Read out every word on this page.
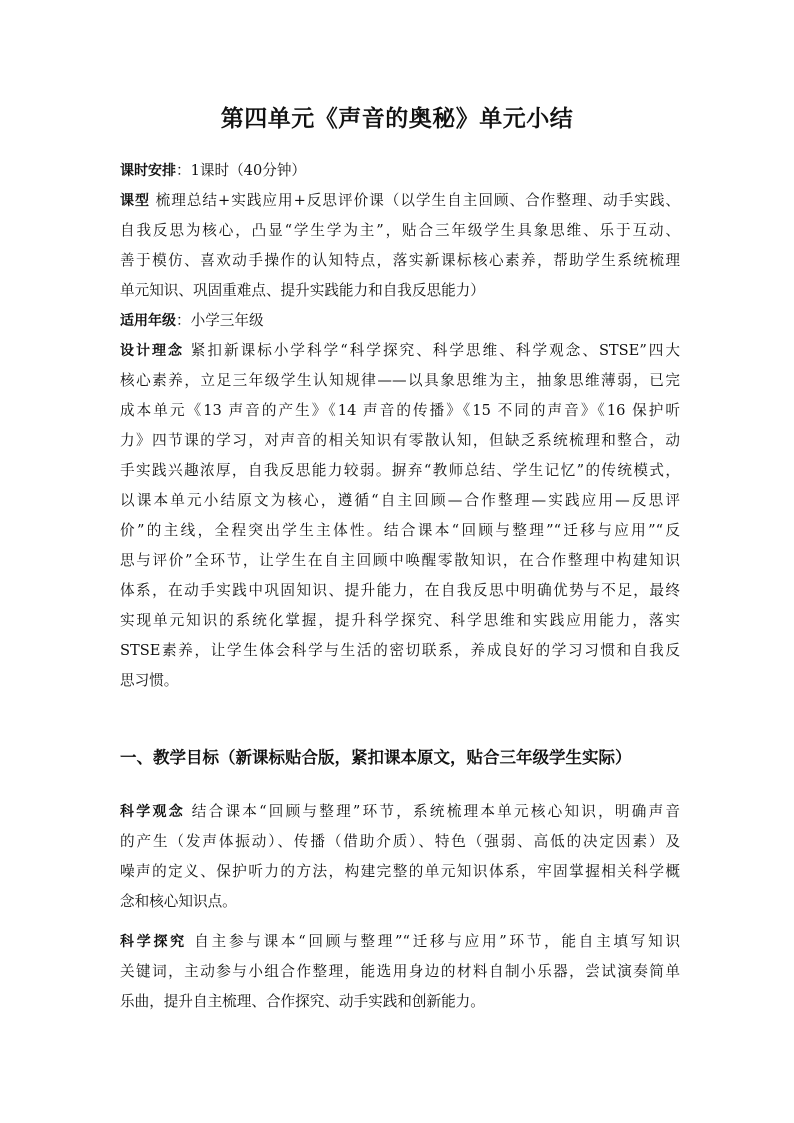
第四单元《声音的奥秘》单元小结
课时安排：1课时（40分钟）
课型 梳理总结+实践应用+反思评价课（以学生自主回顾、合作整理、动手实践、
自我反思为核心，凸显“学生学为主”，贴合三年级学生具象思维、乐于互动、
善于模仿、喜欢动手操作的认知特点，落实新课标核心素养，帮助学生系统梳理
单元知识、巩固重难点、提升实践能力和自我反思能力）
适用年级：小学三年级
设计理念 紧扣新课标小学科学“科学探究、科学思维、科学观念、STSE”四大
核心素养，立足三年级学生认知规律——以具象思维为主，抽象思维薄弱，已完
成本单元《13 声音的产生》《14 声音的传播》《15 不同的声音》《16 保护听
力》四节课的学习，对声音的相关知识有零散认知，但缺乏系统梳理和整合，动
手实践兴趣浓厚，自我反思能力较弱。摒弃“教师总结、学生记忆”的传统模式，
以课本单元小结原文为核心，遵循“自主回顾—合作整理—实践应用—反思评
价”的主线，全程突出学生主体性。结合课本“回顾与整理”“迁移与应用”“反
思与评价”全环节，让学生在自主回顾中唤醒零散知识，在合作整理中构建知识
体系，在动手实践中巩固知识、提升能力，在自我反思中明确优势与不足，最终
实现单元知识的系统化掌握，提升科学探究、科学思维和实践应用能力，落实
STSE素养，让学生体会科学与生活的密切联系，养成良好的学习习惯和自我反
思习惯。
一、教学目标（新课标贴合版，紧扣课本原文，贴合三年级学生实际）
科学观念 结合课本“回顾与整理”环节，系统梳理本单元核心知识，明确声音
的产生（发声体振动）、传播（借助介质）、特色（强弱、高低的决定因素）及
噪声的定义、保护听力的方法，构建完整的单元知识体系，牢固掌握相关科学概
念和核心知识点。
科学探究 自主参与课本“回顾与整理”“迁移与应用”环节，能自主填写知识
关键词，主动参与小组合作整理，能选用身边的材料自制小乐器，尝试演奏简单
乐曲，提升自主梳理、合作探究、动手实践和创新能力。
